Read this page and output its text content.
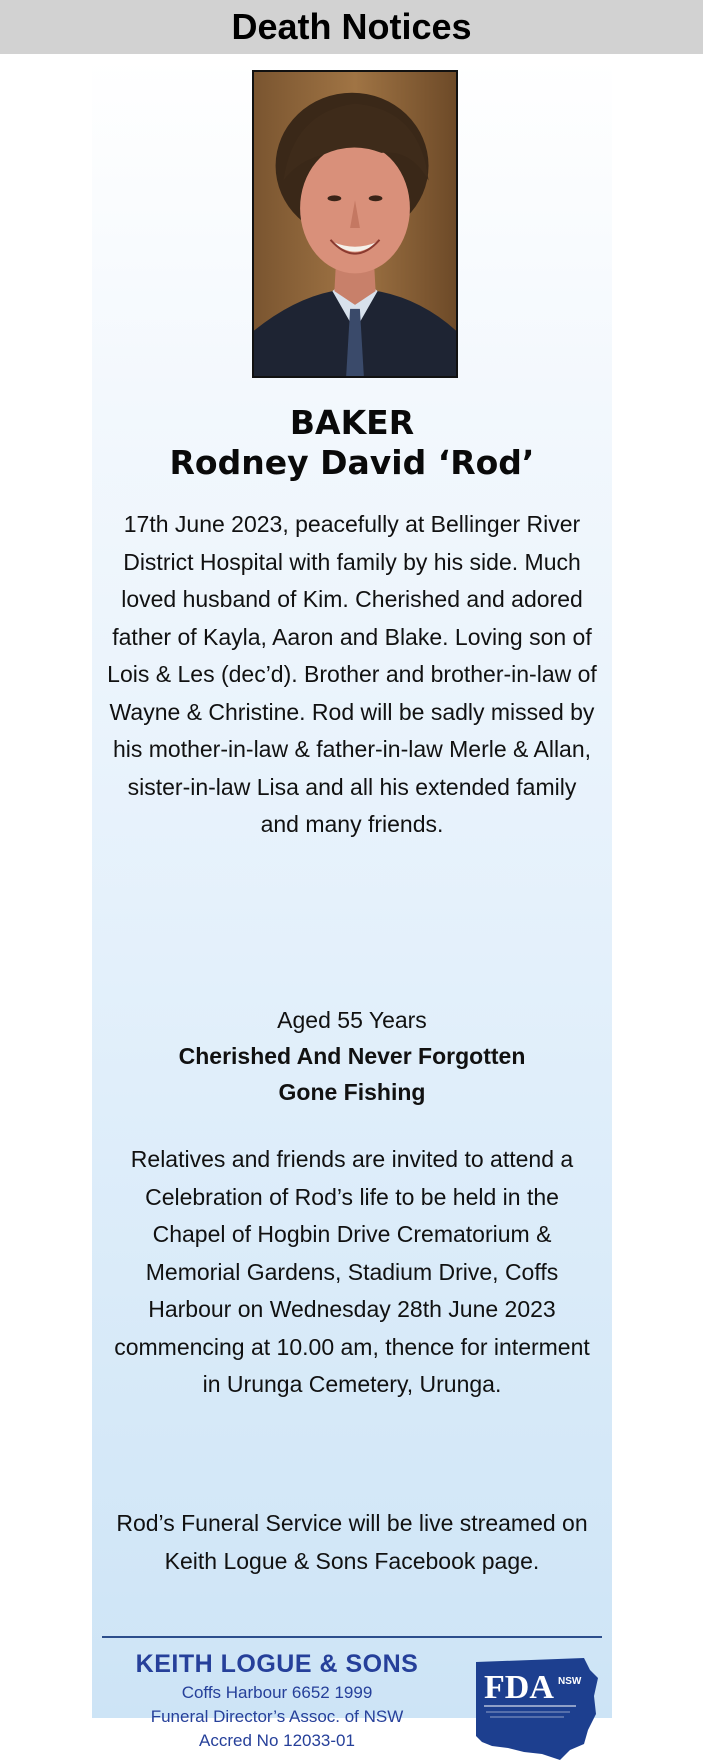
Death Notices
BAKER
Rodney David ‘Rod’
17th June 2023, peacefully at Bellinger River District Hospital with family by his side. Much loved husband of Kim. Cherished and adored father of Kayla, Aaron and Blake. Loving son of Lois & Les (dec’d). Brother and brother-in-law of Wayne & Christine. Rod will be sadly missed by his mother-in-law & father-in-law Merle & Allan, sister-in-law Lisa and all his extended family and many friends.
Aged 55 Years
Cherished And Never Forgotten
Gone Fishing
Relatives and friends are invited to attend a Celebration of Rod’s life to be held in the Chapel of Hogbin Drive Crematorium & Memorial Gardens, Stadium Drive, Coffs Harbour on Wednesday 28th June 2023 commencing at 10.00 am, thence for interment in Urunga Cemetery, Urunga.
Rod’s Funeral Service will be live streamed on Keith Logue & Sons Facebook page.
KEITH LOGUE & SONS
Coffs Harbour 6652 1999
Funeral Director’s Assoc. of NSW
Accred No 12033-01
FDA NSW
